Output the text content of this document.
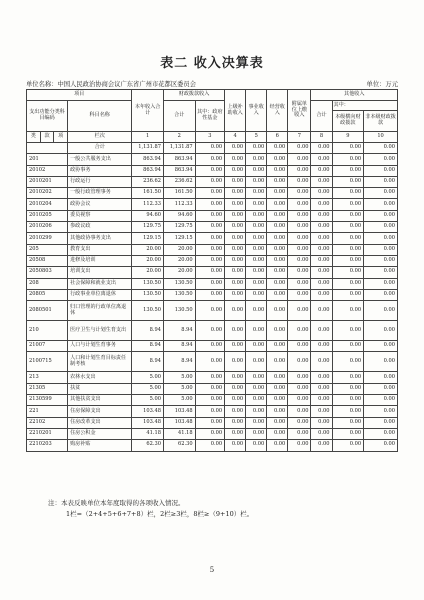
表二 收入决算表
单位名称：中国人民政治协商会议广东省广州市花都区委员会	单位：万元
项目				本年收入合计	财政拨款收入		上级补助收入	事业收入	经营收入	附属单位上缴收入	其他收入		
支出功能分类科目编码			科目名称		合计	其中：政府性基金					合计	其中：	
												本级横向财政拨款	非本级财政拨款

类	款	项	栏次	1	2	3	4	5	6	7	8	9	10
			合计	1,131.87	1,131.87	0.00	0.00	0.00	0.00	0.00	0.00	0.00	0.00
201			一般公共服务支出	863.94	863.94	0.00	0.00	0.00	0.00	0.00	0.00	0.00	0.00
20102			政协事务	863.94	863.94	0.00	0.00	0.00	0.00	0.00	0.00	0.00	0.00
2010201			行政运行	236.62	236.62	0.00	0.00	0.00	0.00	0.00	0.00	0.00	0.00
2010202			一般行政管理事务	161.50	161.50	0.00	0.00	0.00	0.00	0.00	0.00	0.00	0.00
2010204			政协会议	112.33	112.33	0.00	0.00	0.00	0.00	0.00	0.00	0.00	0.00
2010205			委员视察	94.60	94.60	0.00	0.00	0.00	0.00	0.00	0.00	0.00	0.00
2010206			参政议政	129.75	129.75	0.00	0.00	0.00	0.00	0.00	0.00	0.00	0.00
2010299			其他政协事务支出	129.15	129.15	0.00	0.00	0.00	0.00	0.00	0.00	0.00	0.00
205			教育支出	20.00	20.00	0.00	0.00	0.00	0.00	0.00	0.00	0.00	0.00
20508			进修及培训	20.00	20.00	0.00	0.00	0.00	0.00	0.00	0.00	0.00	0.00
2050803			培训支出	20.00	20.00	0.00	0.00	0.00	0.00	0.00	0.00	0.00	0.00
208			社会保障和就业支出	130.50	130.50	0.00	0.00	0.00	0.00	0.00	0.00	0.00	0.00
20805			行政事业单位离退休	130.50	130.50	0.00	0.00	0.00	0.00	0.00	0.00	0.00	0.00
2080501			归口管理的行政单位离退休	130.50	130.50	0.00	0.00	0.00	0.00	0.00	0.00	0.00	0.00
210			医疗卫生与计划生育支出	8.94	8.94	0.00	0.00	0.00	0.00	0.00	0.00	0.00	0.00
21007			人口与计划生育事务	8.94	8.94	0.00	0.00	0.00	0.00	0.00	0.00	0.00	0.00
2100715			人口和计划生育目标责任制考核	8.94	8.94	0.00	0.00	0.00	0.00	0.00	0.00	0.00	0.00
213			农林水支出	5.00	5.00	0.00	0.00	0.00	0.00	0.00	0.00	0.00	0.00
21305			扶贫	5.00	5.00	0.00	0.00	0.00	0.00	0.00	0.00	0.00	0.00
2130599			其他扶贫支出	5.00	5.00	0.00	0.00	0.00	0.00	0.00	0.00	0.00	0.00
221			住房保障支出	103.48	103.48	0.00	0.00	0.00	0.00	0.00	0.00	0.00	0.00
22102			住房改革支出	103.48	103.48	0.00	0.00	0.00	0.00	0.00	0.00	0.00	0.00
2210201			住房公积金	41.18	41.18	0.00	0.00	0.00	0.00	0.00	0.00	0.00	0.00
2210203			购房补贴	62.30	62.30	0.00	0.00	0.00	0.00	0.00	0.00	0.00	0.00
注：本表反映单位本年度取得的各项收入情况。
1栏=（2+4+5+6+7+8）栏，2栏≥3栏，8栏≥（9+10）栏。
5
